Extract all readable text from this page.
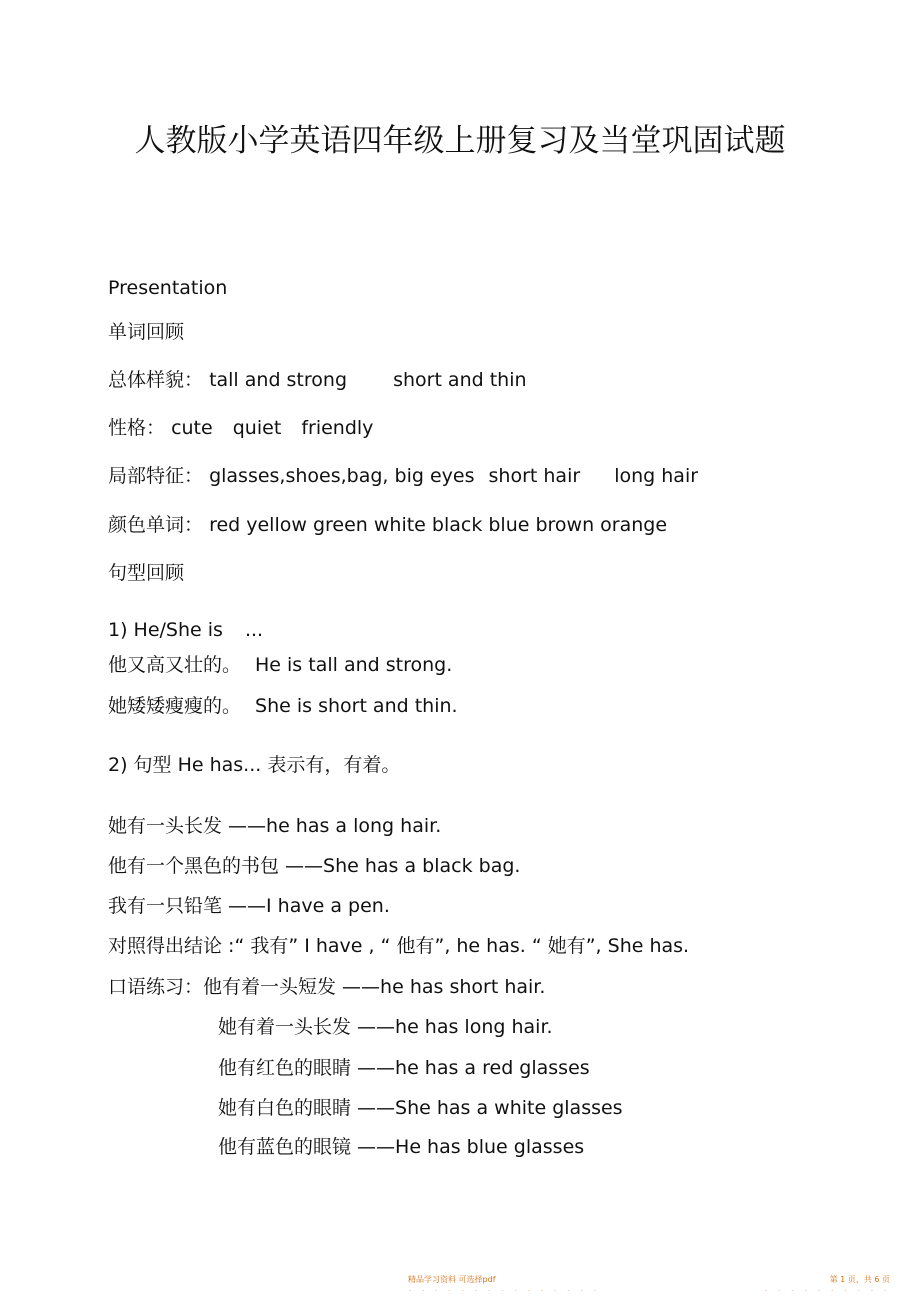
人教版小学英语四年级上册复习及当堂巩固试题
Presentation
单词回顾
总体样貌： tall and strong short and thin
性格： cute quiet friendly
局部特征： glasses,shoes,bag, big eyes short hair long hair
颜色单词： red yellow green white black blue brown orange
句型回顾
1) He/She is ...
他又高又壮的。 He is tall and strong.
她矮矮瘦瘦的。 She is short and thin.
2) 句型 He has... 表示有，有着。
她有一头长发 ——he has a long hair.
他有一个黑色的书包 ——She has a black bag.
我有一只铅笔 ——I have a pen.
对照得出结论 :“ 我有” I have , “ 他有”, he has. “ 她有”, She has.
口语练习：他有着一头短发 ——he has short hair.
她有着一头长发 ——he has long hair.
他有红色的眼睛 ——he has a red glasses
她有白色的眼睛 ——She has a white glasses
他有蓝色的眼镜 ——He has blue glasses
精品学习资料 可选择pdf
- - - - - - - - - - - - - - -
第 1 页，共 6 页
- - - - - - - - - -
